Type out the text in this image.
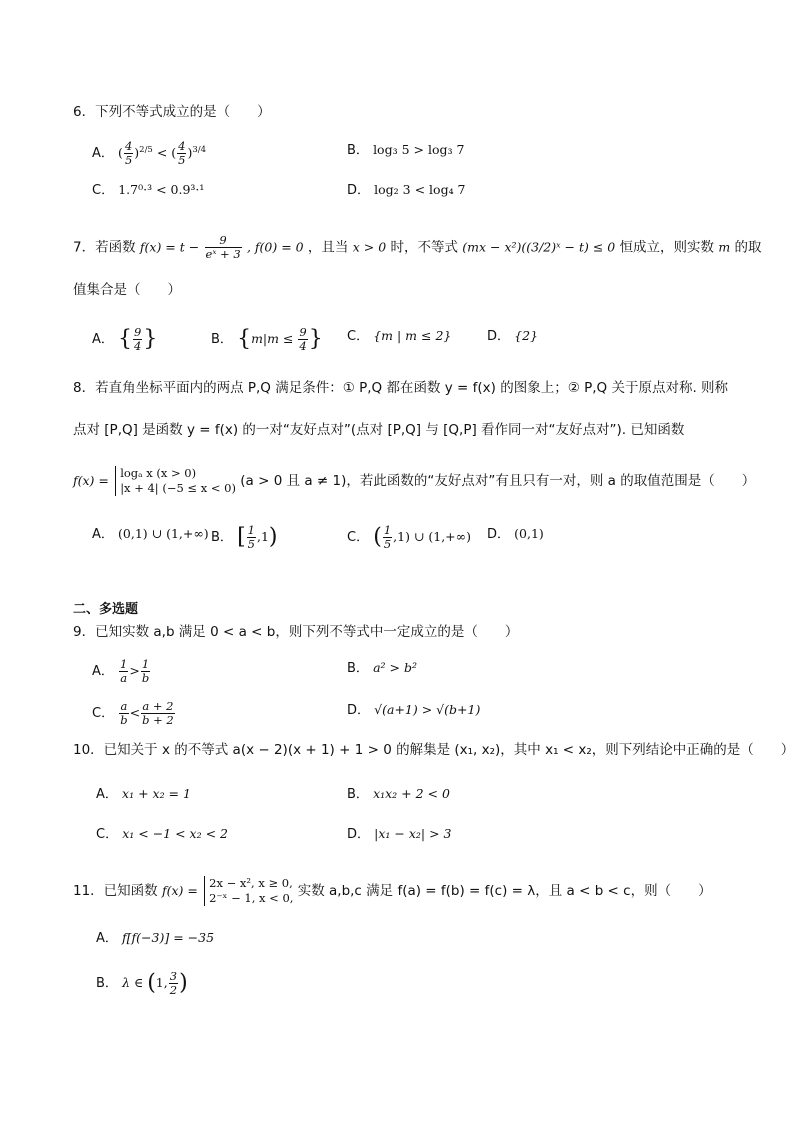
6．下列不等式成立的是（　　）
A． ( $\frac{4}{5} )^{2/5}$ < ( $\frac{4}{5} )^{3/4}$	B． log₃ 5 > log₃ 7
C． 1.7⁰·³ < 0.9³·¹	D． log₂ 3 < log₄ 7
7．若函数 $f(x) = t - \frac{9}{\text{eˣ + 3}}$ , f(0) = 0 ，且当 x > 0 时，不等式 (mx − x²)((3/2)ˣ − t) ≤ 0 恒成立，则实数 m 的取
值集合是（　　）
A． { $\frac{9}{4}$ }	B． {$m|m \le \frac{9}{4}$ } C． {m | m ≤ 2}	D． {2}
8．若直角坐标平面内的两点 P,Q 满足条件：① P,Q 都在函数 y = f(x) 的图象上；② P,Q 关于原点对称. 则称
点对 [P,Q] 是函数 y = f(x) 的一对“友好点对”(点对 [P,Q] 与 [Q,P] 看作同一对“友好点对”). 已知函数
f(x) = logₐ x (x > 0)
|x + 4| (−5 ≤ x < 0) (a > 0 且 a ≠ 1)，若此函数的“友好点对”有且只有一对，则 a 的取值范围是（　　）
A． (0,1) ∪ (1,+∞) B． [ $\frac{1}{5} ,1$)	C． ( $\frac{1}{5} ,1$) ∪ (1,+∞) D． (0,1)
二、多选题
9．已知实数 a,b 满足 0 < a < b，则下列不等式中一定成立的是（　　）
A． $\frac{1}{a} > \frac{1}{b}$	B． a² > b²
C． $\frac{a}{b} < \frac{a + 2}{b + 2}$	D． √(a+1) > √(b+1)
10．已知关于 x 的不等式 a(x − 2)(x + 1) + 1 > 0 的解集是 (x₁, x₂)，其中 x₁ < x₂，则下列结论中正确的是（　　）
A． x₁ + x₂ = 1	B． x₁x₂ + 2 < 0
C． x₁ < −1 < x₂ < 2	D． |x₁ − x₂| > 3
11．已知函数 f(x) = 2x − x², x ≥ 0,
2⁻ˣ − 1, x < 0, 实数 a,b,c 满足 f(a) = f(b) = f(c) = λ，且 a < b < c，则（　　）
A． f[f(−3)] = −35
B． λ ∈ (1, $\frac{3}{2}$ )
